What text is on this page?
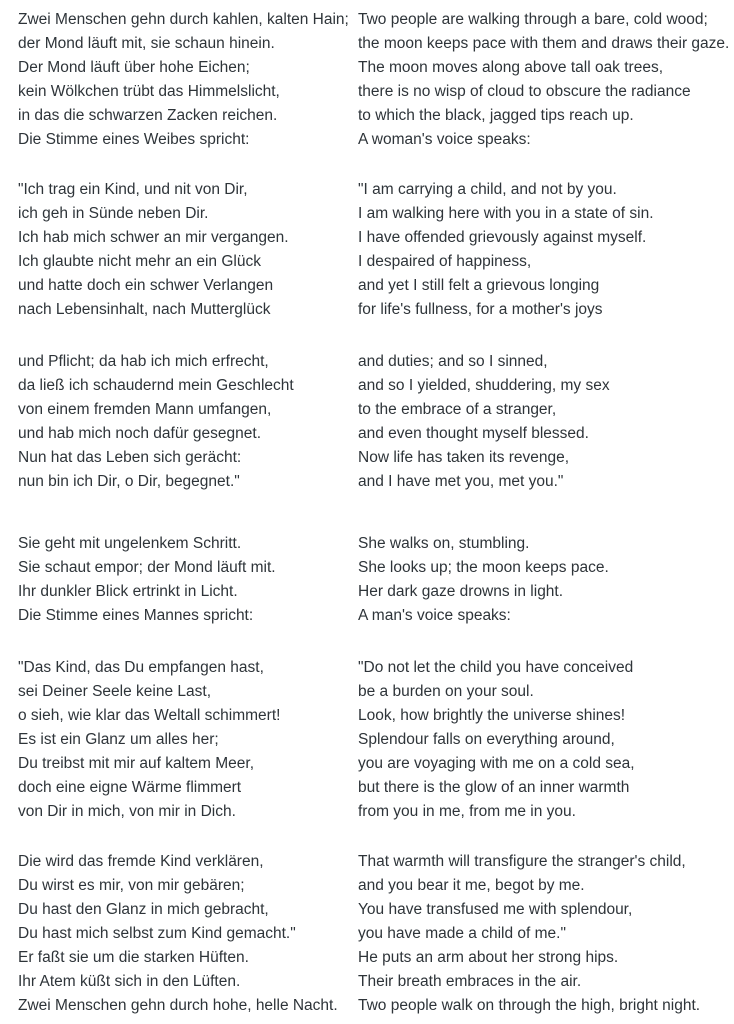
Zwei Menschen gehn durch kahlen, kalten Hain;

der Mond läuft mit, sie schaun hinein.

Der Mond läuft über hohe Eichen;

kein Wölkchen trübt das Himmelslicht,

in das die schwarzen Zacken reichen.

Die Stimme eines Weibes spricht:

"Ich trag ein Kind, und nit von Dir,

ich geh in Sünde neben Dir.

Ich hab mich schwer an mir vergangen.

Ich glaubte nicht mehr an ein Glück

und hatte doch ein schwer Verlangen

nach Lebensinhalt, nach Mutterglück

und Pflicht; da hab ich mich erfrecht,

da ließ ich schaudernd mein Geschlecht

von einem fremden Mann umfangen,

und hab mich noch dafür gesegnet.

Nun hat das Leben sich gerächt:

nun bin ich Dir, o Dir, begegnet."

Sie geht mit ungelenkem Schritt.

Sie schaut empor; der Mond läuft mit.

Ihr dunkler Blick ertrinkt in Licht.

Die Stimme eines Mannes spricht:

"Das Kind, das Du empfangen hast,

sei Deiner Seele keine Last,

o sieh, wie klar das Weltall schimmert!

Es ist ein Glanz um alles her;

Du treibst mit mir auf kaltem Meer,

doch eine eigne Wärme flimmert

von Dir in mich, von mir in Dich.

Die wird das fremde Kind verklären,

Du wirst es mir, von mir gebären;

Du hast den Glanz in mich gebracht,

Du hast mich selbst zum Kind gemacht."

Er faßt sie um die starken Hüften.

Ihr Atem küßt sich in den Lüften.

Zwei Menschen gehn durch hohe, helle Nacht.

Two people are walking through a bare, cold wood;

the moon keeps pace with them and draws their gaze.

The moon moves along above tall oak trees,

there is no wisp of cloud to obscure the radiance

to which the black, jagged tips reach up.

A woman's voice speaks:

"I am carrying a child, and not by you.

I am walking here with you in a state of sin.

I have offended grievously against myself.

I despaired of happiness,

and yet I still felt a grievous longing

for life's fullness, for a mother's joys

and duties; and so I sinned,

and so I yielded, shuddering, my sex

to the embrace of a stranger,

and even thought myself blessed.

Now life has taken its revenge,

and I have met you, met you."

She walks on, stumbling.

She looks up; the moon keeps pace.

Her dark gaze drowns in light.

A man's voice speaks:

"Do not let the child you have conceived

be a burden on your soul.

Look, how brightly the universe shines!

Splendour falls on everything around,

you are voyaging with me on a cold sea,

but there is the glow of an inner warmth

from you in me, from me in you.

That warmth will transfigure the stranger's child,

and you bear it me, begot by me.

You have transfused me with splendour,

you have made a child of me."

He puts an arm about her strong hips.

Their breath embraces in the air.

Two people walk on through the high, bright night.
